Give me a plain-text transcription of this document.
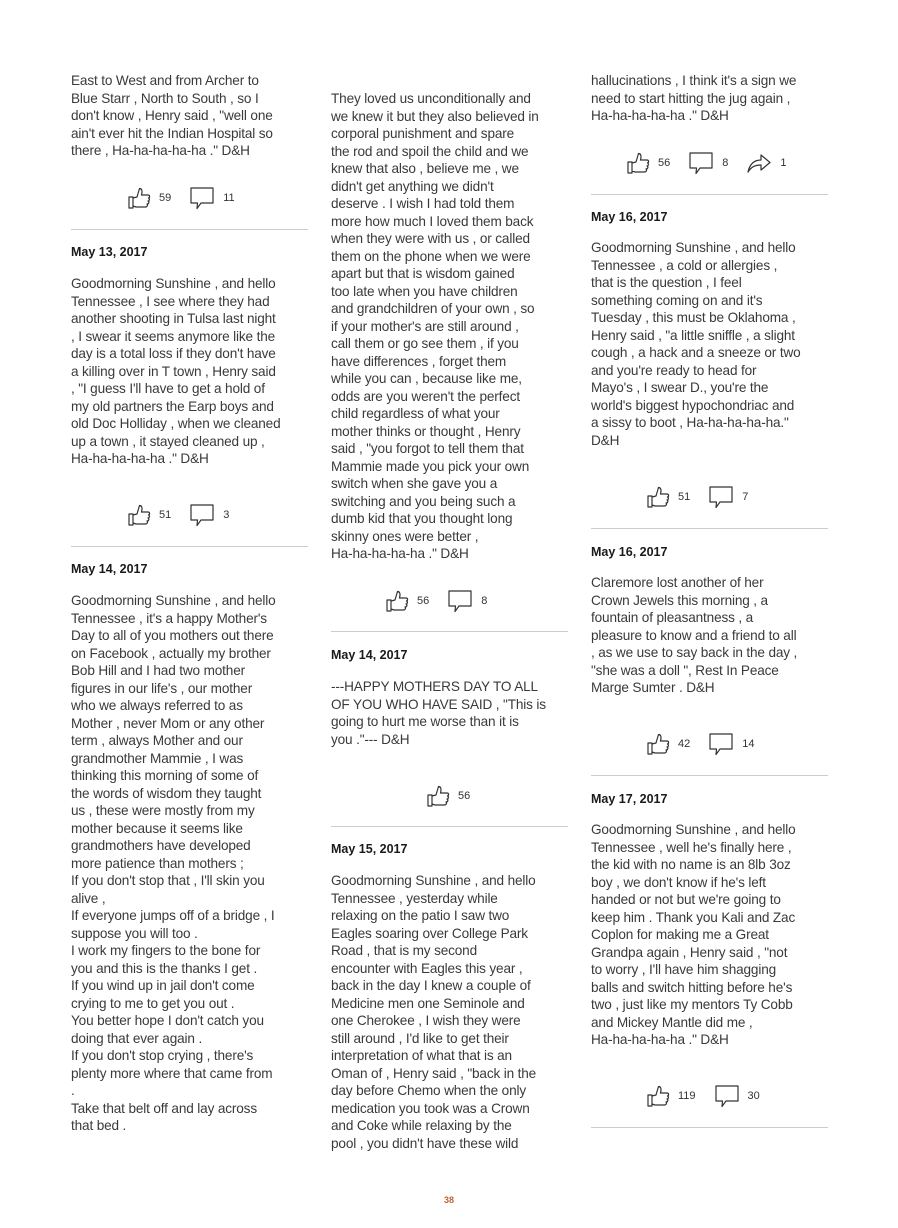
East to West and from Archer to
Blue Starr , North to South , so I
don't know , Henry said , "well one
ain't ever hit the Indian Hospital so
there , Ha-ha-ha-ha-ha ." D&H

59	11

May 13, 2017

Goodmorning Sunshine , and hello
Tennessee , I see where they had
another shooting in Tulsa last night
, I swear it seems anymore like the
day is a total loss if they don't have
a killing over in T town , Henry said
, "I guess I'll have to get a hold of
my old partners the Earp boys and
old Doc Holliday , when we cleaned
up a town , it stayed cleaned up ,
Ha-ha-ha-ha-ha ." D&H

51	3

May 14, 2017

Goodmorning Sunshine , and hello
Tennessee , it's a happy Mother's
Day to all of you mothers out there
on Facebook , actually my brother
Bob Hill and I had two mother
figures in our life's , our mother
who we always referred to as
Mother , never Mom or any other
term , always Mother and our
grandmother Mammie , I was
thinking this morning of some of
the words of wisdom they taught
us , these were mostly from my
mother because it seems like
grandmothers have developed
more patience than mothers ;
If you don't stop that , I'll skin you
alive ,
If everyone jumps off of a bridge , I
suppose you will too .
I work my fingers to the bone for
you and this is the thanks I get .
If you wind up in jail don't come
crying to me to get you out .
You better hope I don't catch you
doing that ever again .
If you don't stop crying , there's
plenty more where that came from
.
Take that belt off and lay across
that bed .

They loved us unconditionally and
we knew it but they also believed in
corporal punishment and spare
the rod and spoil the child and we
knew that also , believe me , we
didn't get anything we didn't
deserve . I wish I had told them
more how much I loved them back
when they were with us , or called
them on the phone when we were
apart but that is wisdom gained
too late when you have children
and grandchildren of your own , so
if your mother's are still around ,
call them or go see them , if you
have differences , forget them
while you can , because like me,
odds are you weren't the perfect
child regardless of what your
mother thinks or thought , Henry
said , "you forgot to tell them that
Mammie made you pick your own
switch when she gave you a
switching and you being such a
dumb kid that you thought long
skinny ones were better ,
Ha-ha-ha-ha-ha ." D&H

56	8

May 14, 2017

---HAPPY MOTHERS DAY TO ALL
OF YOU WHO HAVE SAID , "This is
going to hurt me worse than it is
you ."--- D&H

56

May 15, 2017

Goodmorning Sunshine , and hello
Tennessee , yesterday while
relaxing on the patio I saw two
Eagles soaring over College Park
Road , that is my second
encounter with Eagles this year ,
back in the day I knew a couple of
Medicine men one Seminole and
one Cherokee , I wish they were
still around , I'd like to get their
interpretation of what that is an
Oman of , Henry said , "back in the
day before Chemo when the only
medication you took was a Crown
and Coke while relaxing by the
pool , you didn't have these wild

hallucinations , I think it's a sign we
need to start hitting the jug again ,
Ha-ha-ha-ha-ha ." D&H

56	8	1

May 16, 2017

Goodmorning Sunshine , and hello
Tennessee , a cold or allergies ,
that is the question , I feel
something coming on and it's
Tuesday , this must be Oklahoma ,
Henry said , "a little sniffle , a slight
cough , a hack and a sneeze or two
and you're ready to head for
Mayo's , I swear D., you're the
world's biggest hypochondriac and
a sissy to boot , Ha-ha-ha-ha-ha."
D&H

51	7

May 16, 2017

Claremore lost another of her
Crown Jewels this morning , a
fountain of pleasantness , a
pleasure to know and a friend to all
, as we use to say back in the day ,
"she was a doll ", Rest In Peace
Marge Sumter . D&H

42	14

May 17, 2017

Goodmorning Sunshine , and hello
Tennessee , well he's finally here ,
the kid with no name is an 8lb 3oz
boy , we don't know if he's left
handed or not but we're going to
keep him . Thank you Kali and Zac
Coplon for making me a Great
Grandpa again , Henry said , "not
to worry , I'll have him shagging
balls and switch hitting before he's
two , just like my mentors Ty Cobb
and Mickey Mantle did me ,
Ha-ha-ha-ha-ha ." D&H

119	30
38
